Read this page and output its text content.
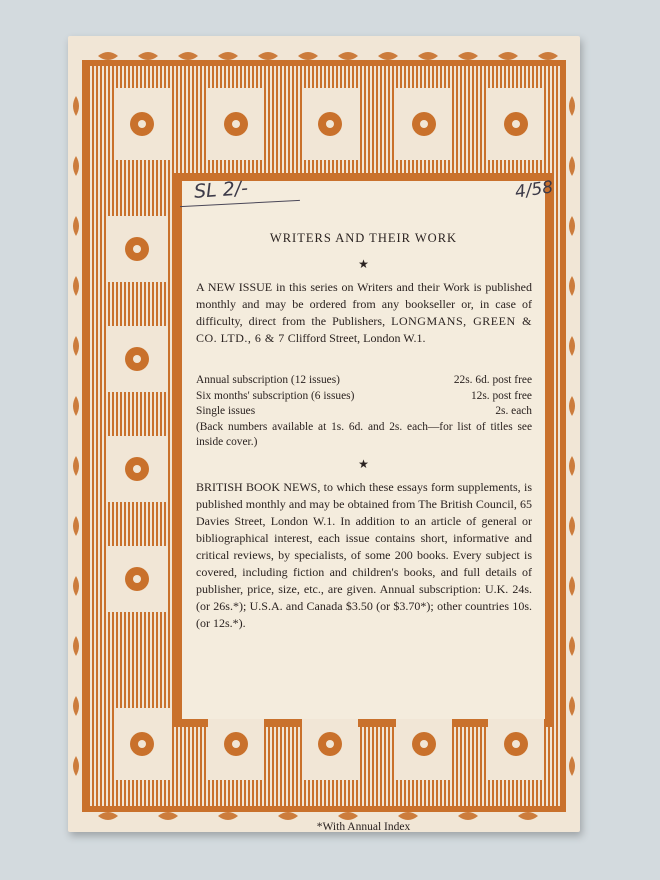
SL 2/-	4/58
WRITERS AND THEIR WORK
★
A NEW ISSUE in this series on Writers and their Work is published monthly and may be ordered from any bookseller or, in case of difficulty, direct from the Publishers, LONGMANS, GREEN & CO. LTD., 6 & 7 Clifford Street, London W.1.
Annual subscription (12 issues)	22s. 6d. post free
Six months' subscription (6 issues)	12s. post free
Single issues	2s. each
(Back numbers available at 1s. 6d. and 2s. each—for list of titles see inside cover.)
★
BRITISH BOOK NEWS, to which these essays form supplements, is published monthly and may be obtained from The British Council, 65 Davies Street, London W.1. In addition to an article of general or bibliographical interest, each issue contains short, informative and critical reviews, by specialists, of some 200 books. Every subject is covered, including fiction and children's books, and full details of publisher, price, size, etc., are given. Annual subscription: U.K. 24s. (or 26s.*); U.S.A. and Canada $3.50 (or $3.70*); other countries 10s. (or 12s.*).
*With Annual Index
